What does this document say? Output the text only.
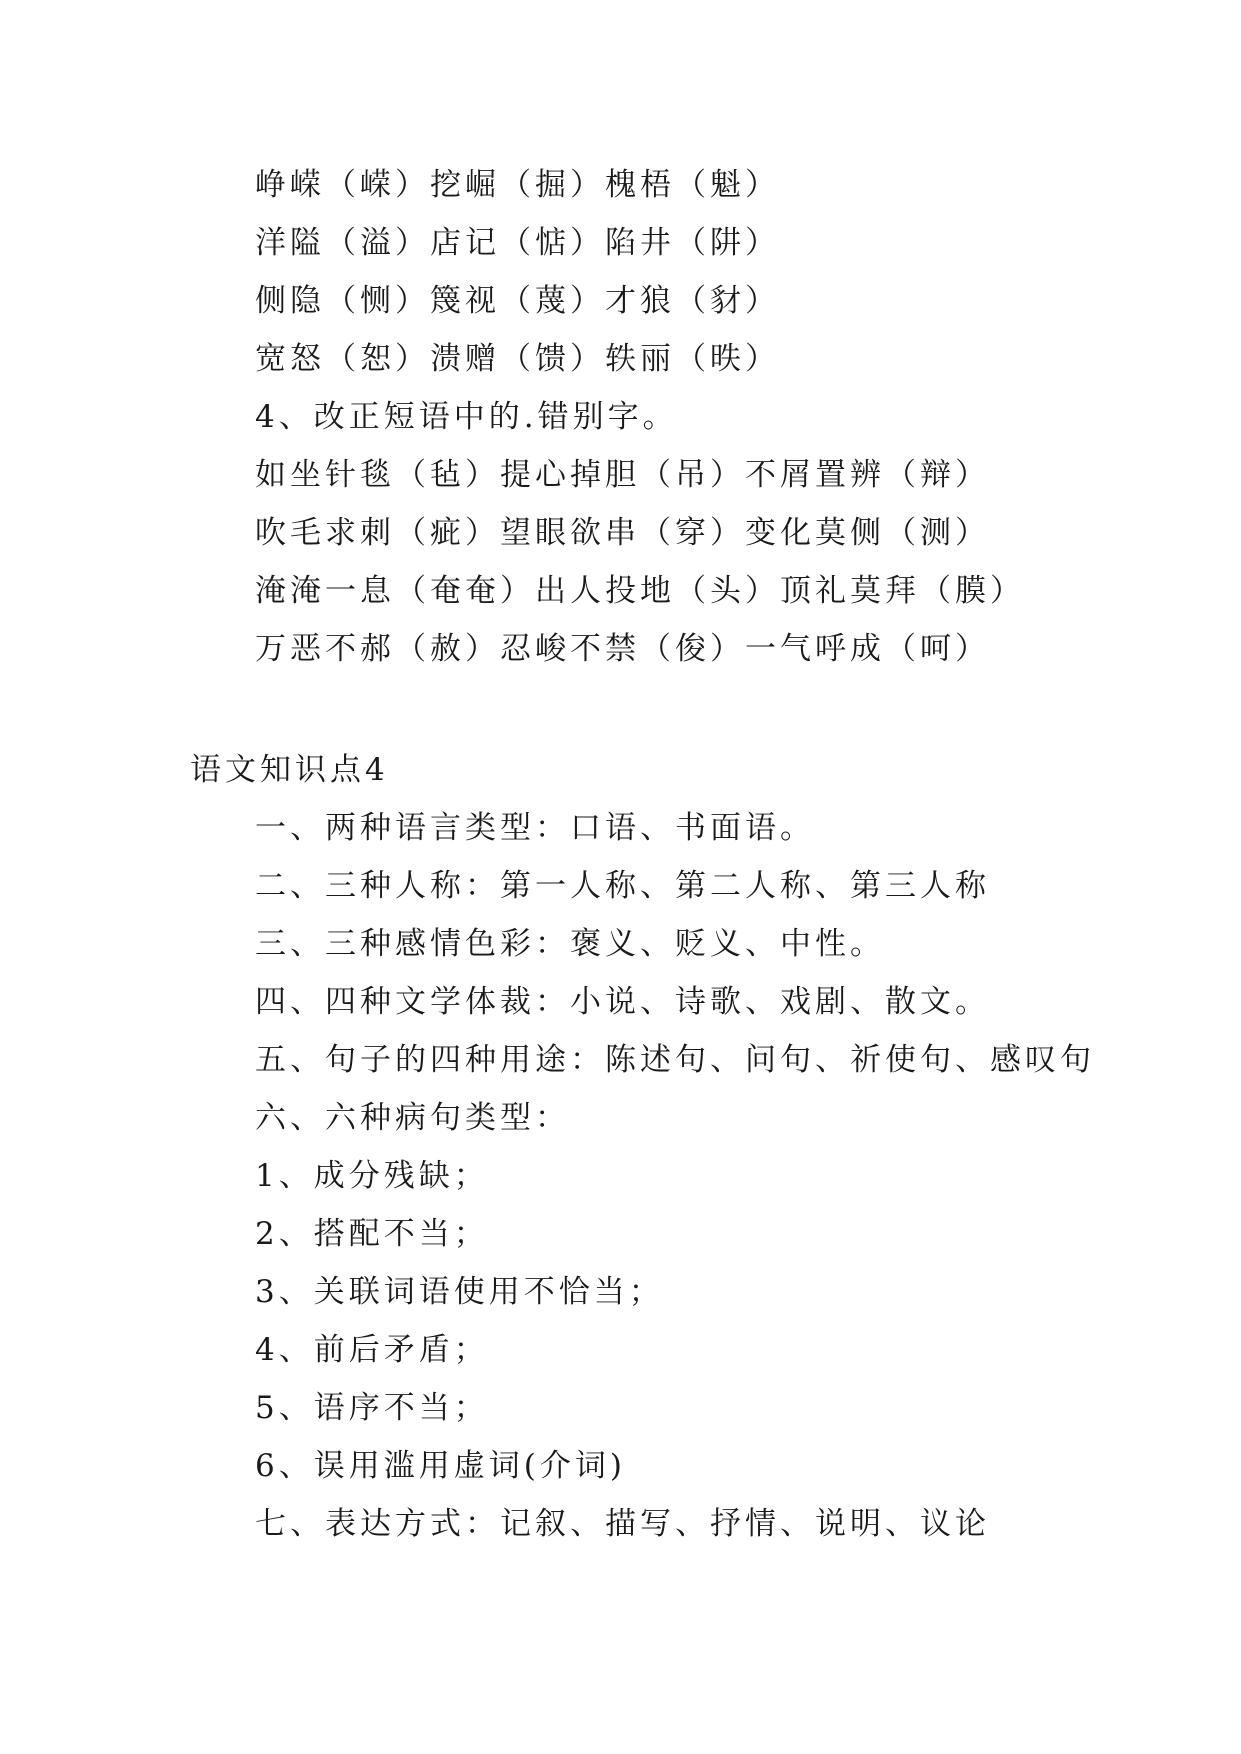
峥嵘（嵘）挖崛（掘）槐梧（魁）
洋隘（溢）店记（惦）陷井（阱）
侧隐（恻）篾视（蔑）才狼（豺）
宽怒（恕）溃赠（馈）轶丽（昳）
4、改正短语中的.错别字。
如坐针毯（毡）提心掉胆（吊）不屑置辨（辩）
吹毛求刺（疵）望眼欲串（穿）变化莫侧（测）
淹淹一息（奄奄）出人投地（头）顶礼莫拜（膜）
万恶不郝（赦）忍峻不禁（俊）一气呼成（呵）
语文知识点4
一、两种语言类型：口语、书面语。
二、三种人称：第一人称、第二人称、第三人称
三、三种感情色彩：褒义、贬义、中性。
四、四种文学体裁：小说、诗歌、戏剧、散文。
五、句子的四种用途：陈述句、问句、祈使句、感叹句
六、六种病句类型：
1、成分残缺；
2、搭配不当；
3、关联词语使用不恰当；
4、前后矛盾；
5、语序不当；
6、误用滥用虚词(介词)
七、表达方式：记叙、描写、抒情、说明、议论
